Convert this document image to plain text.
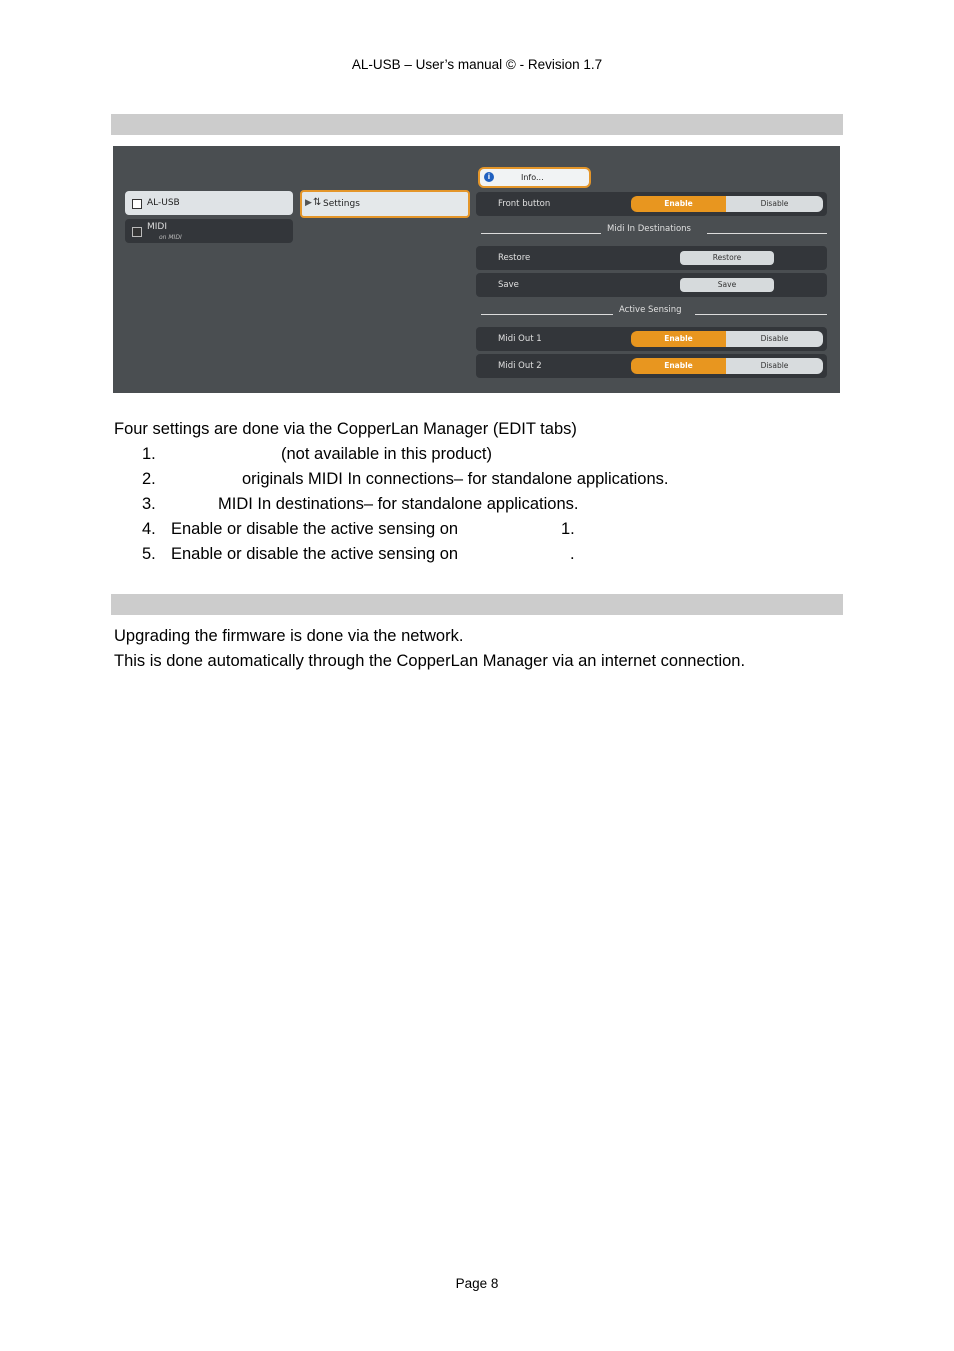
AL-USB – User’s manual © - Revision 1.7
AL-USB
MIDI
on MIDI
▶ ⇅ Settings
i	Info...
Front button	Enable	Disable
Midi In Destinations
Restore	Restore
Save	Save
Active Sensing
Midi Out 1	Enable	Disable
Midi Out 2	Enable	Disable
Four settings are done via the CopperLan Manager (EDIT tabs)
1.	(not available in this product)
2.	originals MIDI In connections– for standalone applications.
3.	MIDI In destinations– for standalone applications.
4. Enable or disable the active sensing on	1.
5. Enable or disable the active sensing on	.
Upgrading the firmware is done via the network.
This is done automatically through the CopperLan Manager via an internet connection.
Page 8
